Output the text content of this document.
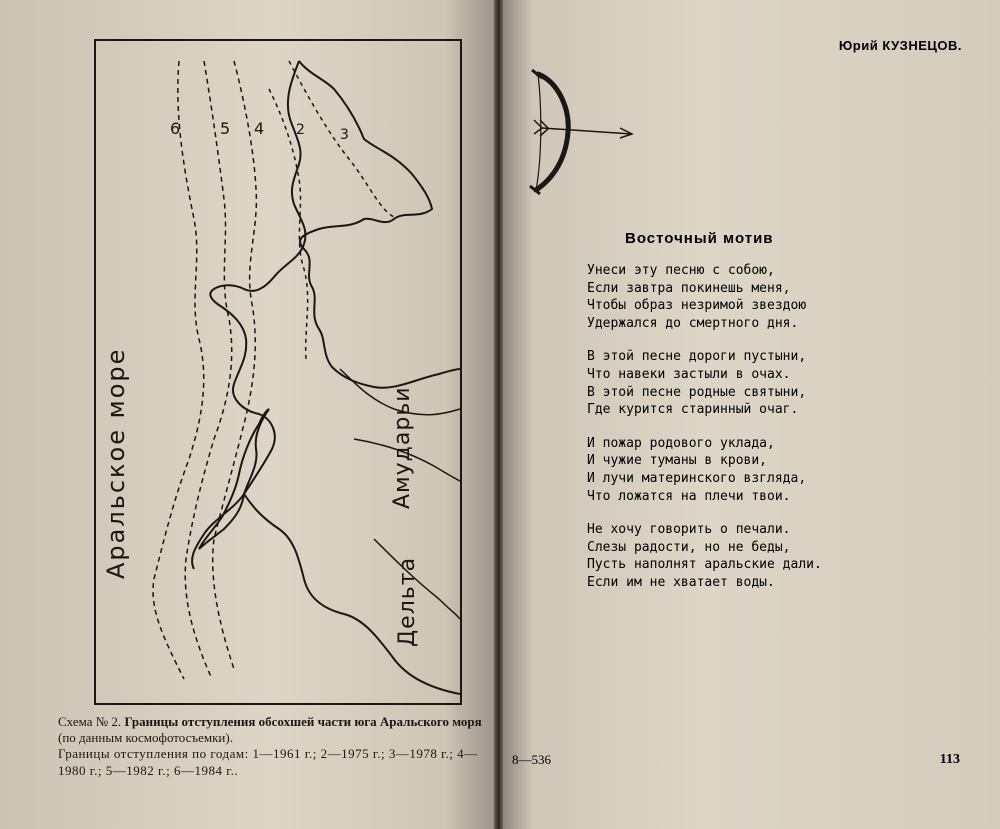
6 5 4 2	3
Аральское море
Дельта
Амударьи
Схема № 2. Границы отступления обсохшей части юга Аральского моря (по данным космофотосъемки).
Границы отступления по годам: 1—1961 г.; 2—1975 г.; 3—1978 г.; 4—1980 г.; 5—1982 г.; 6—1984 г..

Юрий КУЗНЕЦОВ.
Восточный мотив
Унеси эту песню с собою,
Если завтра покинешь меня,
Чтобы образ незримой звездою
Удержался до смертного дня.
В этой песне дороги пустыни,
Что навеки застыли в очах.
В этой песне родные святыни,
Где курится старинный очаг.
И пожар родового уклада,
И чужие туманы в крови,
И лучи материнского взгляда,
Что ложатся на плечи твои.
Не хочу говорить о печали.
Слезы радости, но не беды,
Пусть наполнят аральские дали.
Если им не хватает воды.
8—536	113
